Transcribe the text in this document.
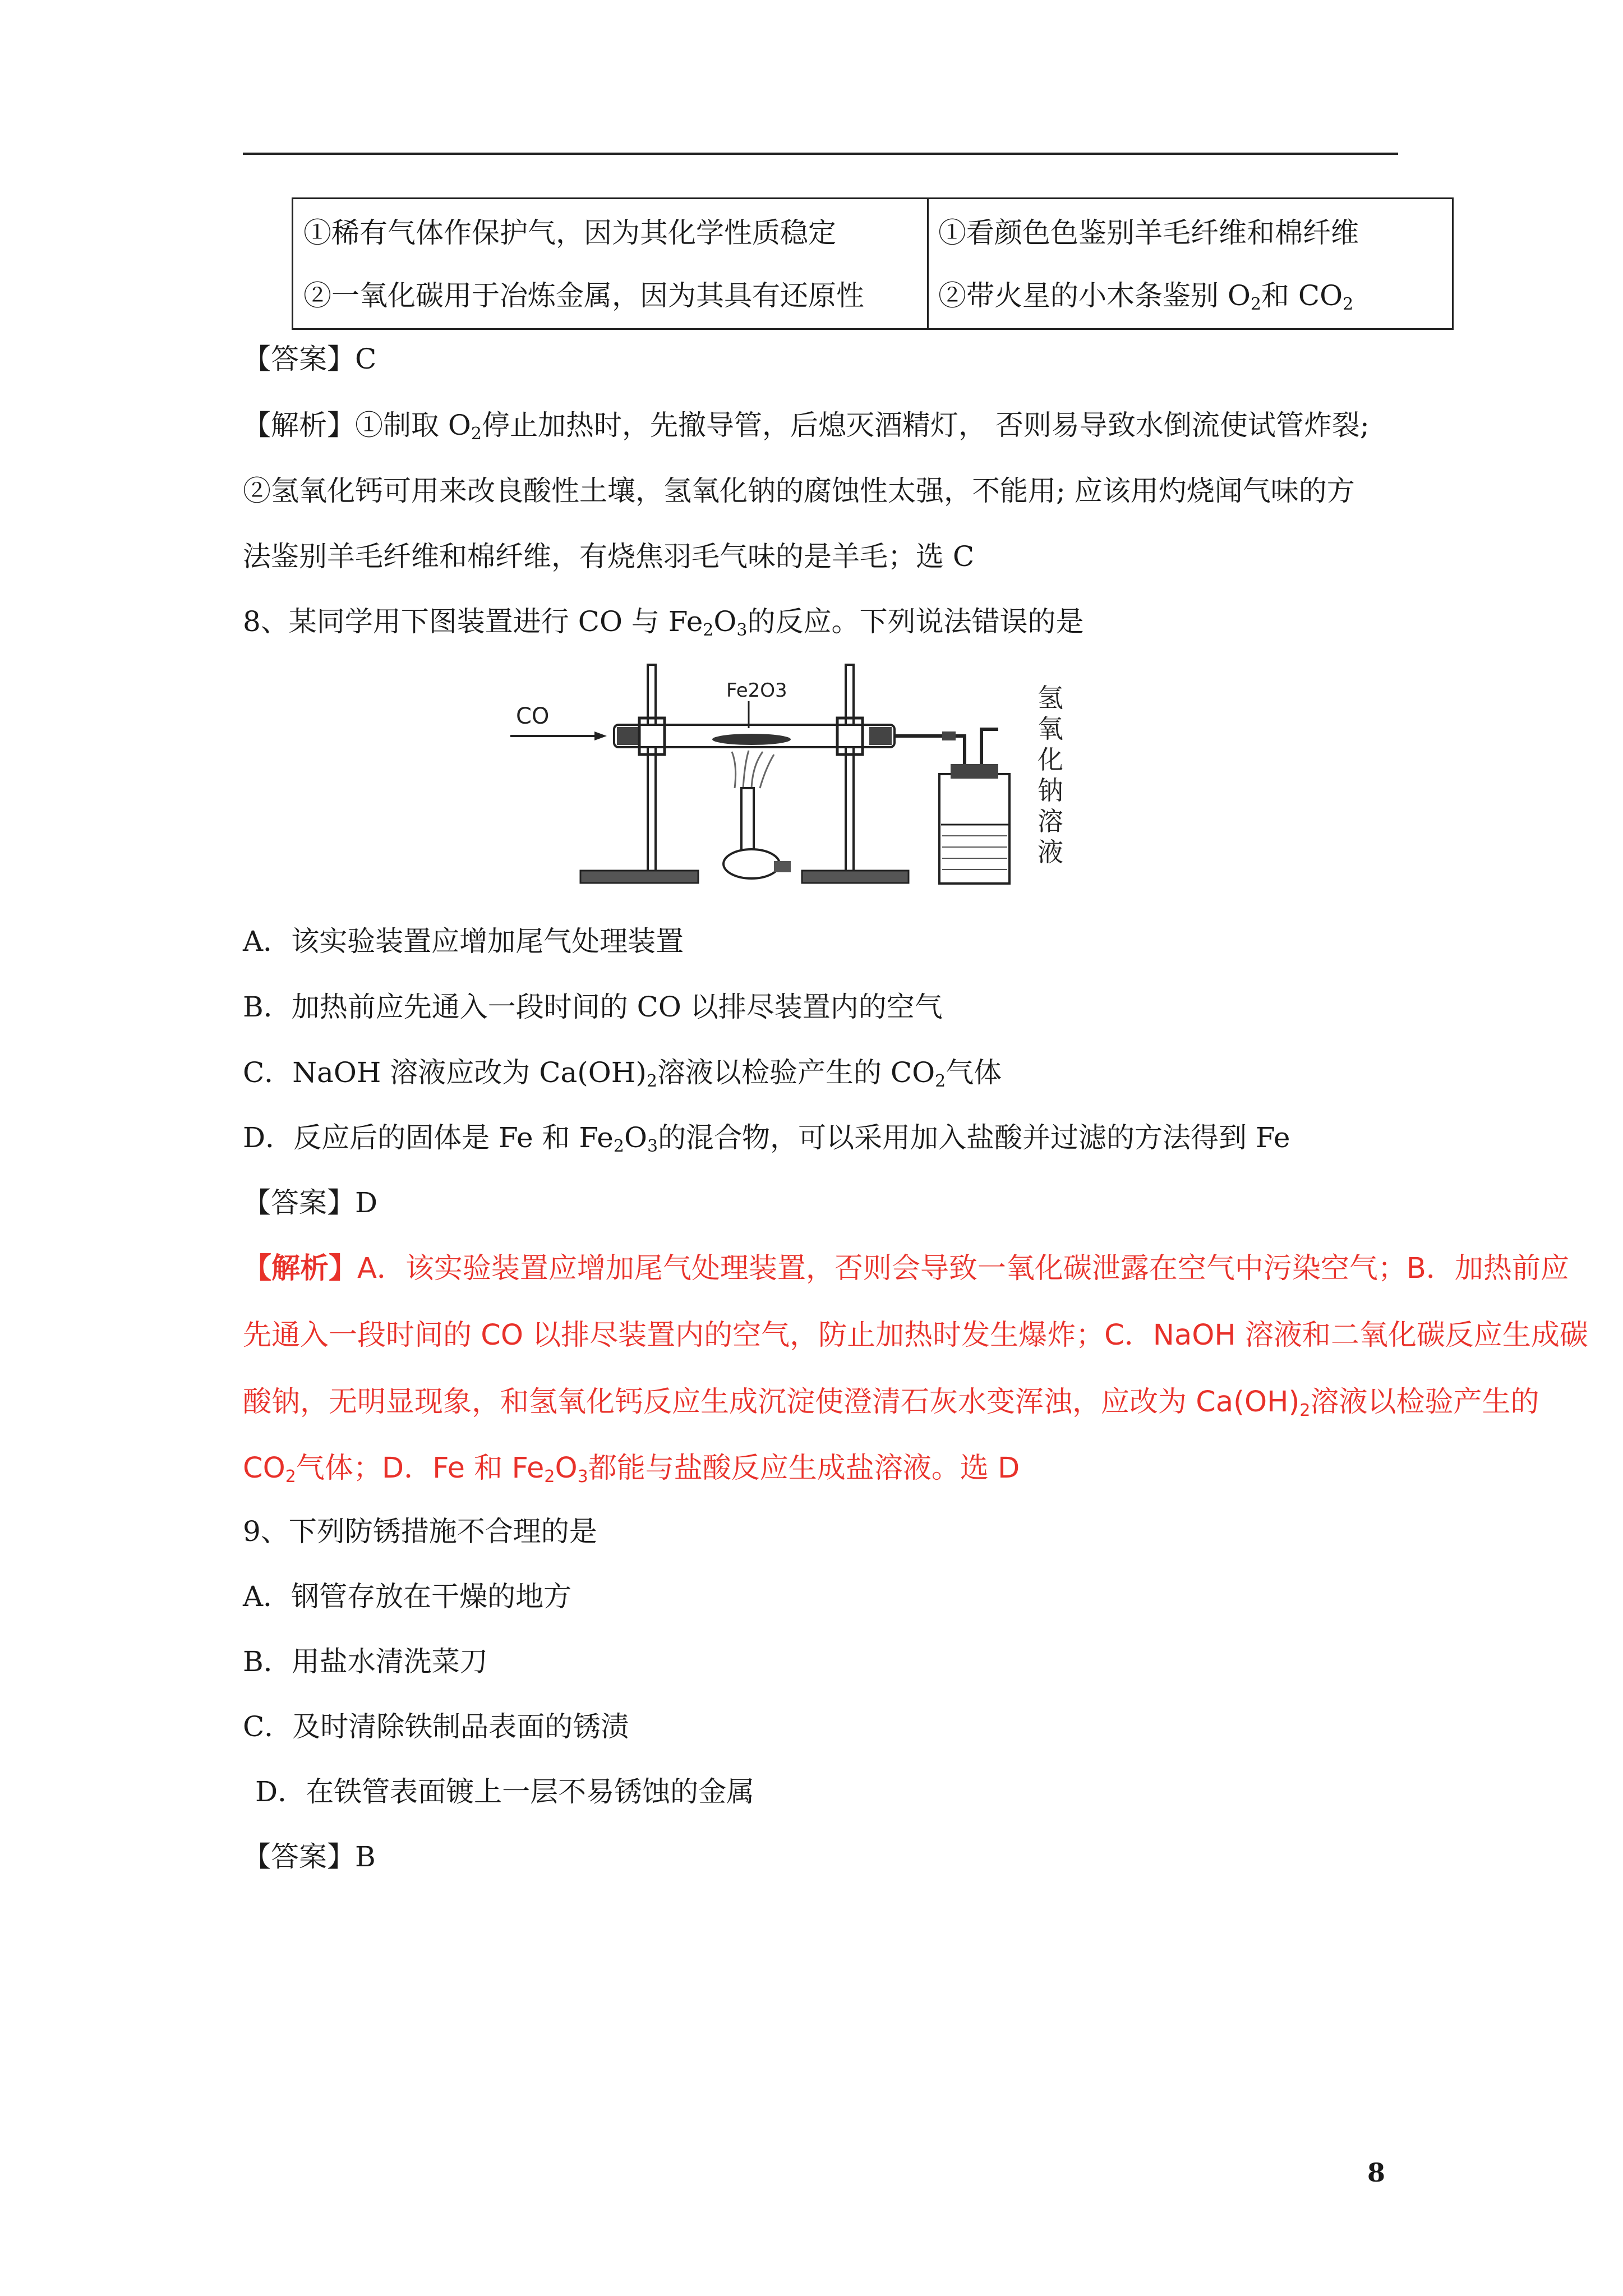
①稀有气体作保护气，因为其化学性质稳定
②一氧化碳用于冶炼金属，因为其具有还原性
①看颜色色鉴别羊毛纤维和棉纤维
②带火星的小木条鉴别 $O_2$和 $CO_2$
【答案】C
【解析】①制取 $O_2$停止加热时，先撤导管，后熄灭酒精灯， 否则易导致水倒流使试管炸裂;
②氢氧化钙可用来改良酸性土壤，氢氧化钠的腐蚀性太强，不能用; 应该用灼烧闻气味的方
法鉴别羊毛纤维和棉纤维，有烧焦羽毛气味的是羊毛；选 C
8、某同学用下图装置进行 CO 与 $Fe_2O_3$的反应。下列说法错误的是
CO
Fe2O3	氢
氧
化
钠
溶
液
A．该实验装置应增加尾气处理装置
B．加热前应先通入一段时间的 CO 以排尽装置内的空气
C．NaOH 溶液应改为 $Ca(OH)_2$溶液以检验产生的 $CO_2$气体
D．反应后的固体是 Fe 和 $Fe_2O_3$的混合物，可以采用加入盐酸并过滤的方法得到 Fe
【答案】D
【解析】A．该实验装置应增加尾气处理装置，否则会导致一氧化碳泄露在空气中污染空气；B．加热前应
先通入一段时间的 CO 以排尽装置内的空气，防止加热时发生爆炸；C．NaOH 溶液和二氧化碳反应生成碳
酸钠，无明显现象，和氢氧化钙反应生成沉淀使澄清石灰水变浑浊，应改为 $Ca(OH)_2$溶液以检验产生的
$CO_2$气体；D．Fe 和 $Fe_2O_3$都能与盐酸反应生成盐溶液。选 D
9、下列防锈措施不合理的是
A．钢管存放在干燥的地方
B．用盐水清洗菜刀
C．及时清除铁制品表面的锈渍
D．在铁管表面镀上一层不易锈蚀的金属
【答案】B
8
